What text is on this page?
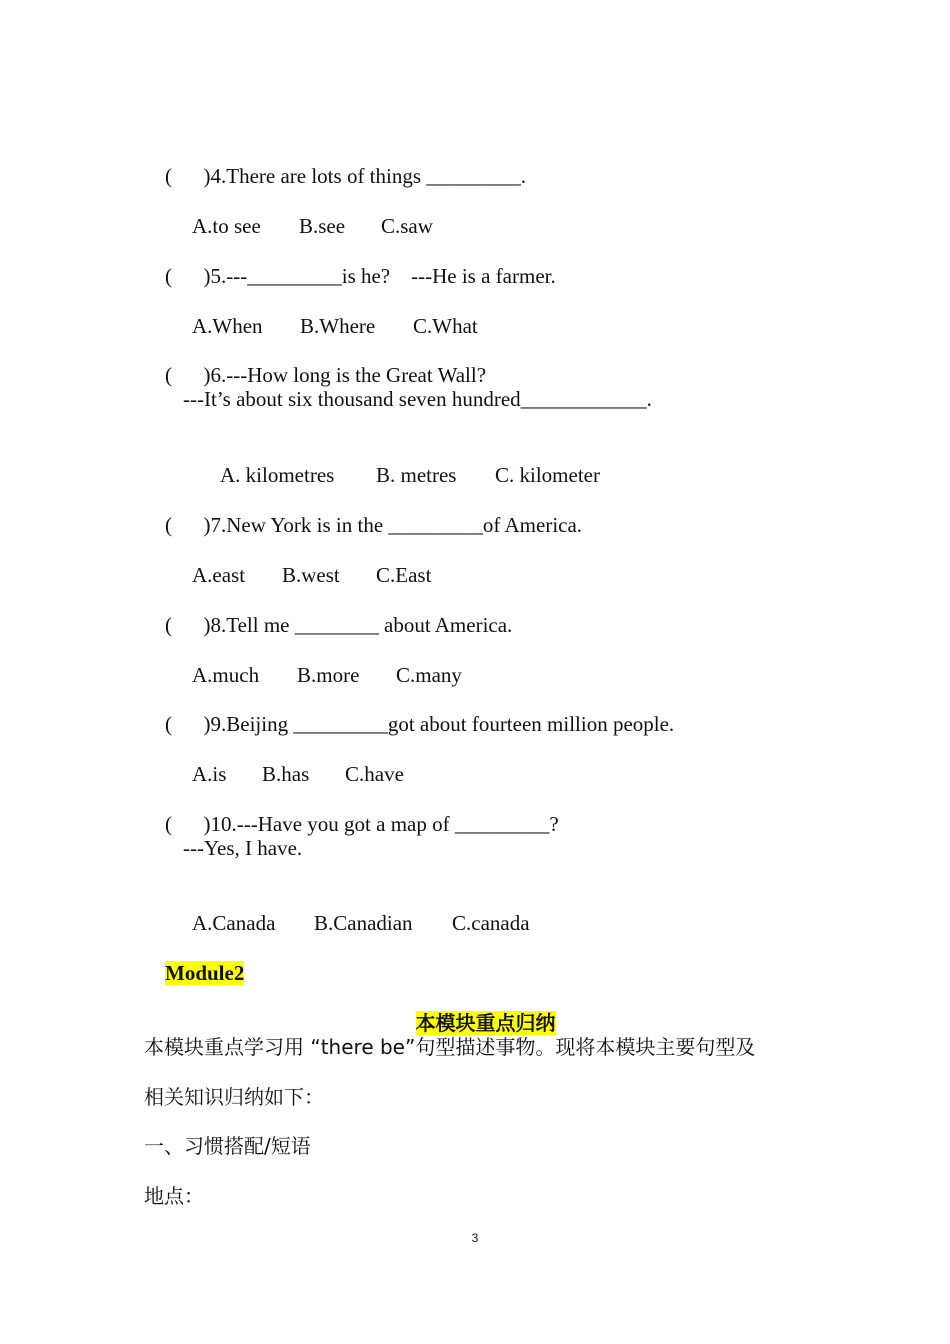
(      )4.There are lots of things _________.

A.to see B.see C.saw

(      )5.---_________is he?    ---He is a farmer.

A.When B.Where C.What

(      )6.---How long is the Great Wall?

---It’s about six thousand seven hundred____________.

A. kilometres B. metres C. kilometer

(      )7.New York is in the _________of America.

A.east B.west C.East

(      )8.Tell me ________ about America.

A.much B.more C.many

(      )9.Beijing _________got about fourteen million people.

A.is B.has C.have

(      )10.---Have you got a map of _________?

---Yes, I have.

A.Canada B.Canadian C.canada

Module2

本模块重点归纳

本模块重点学习用 “there be”句型描述事物。现将本模块主要句型及
相关知识归纳如下：
一、习惯搭配/短语
地点：
3
